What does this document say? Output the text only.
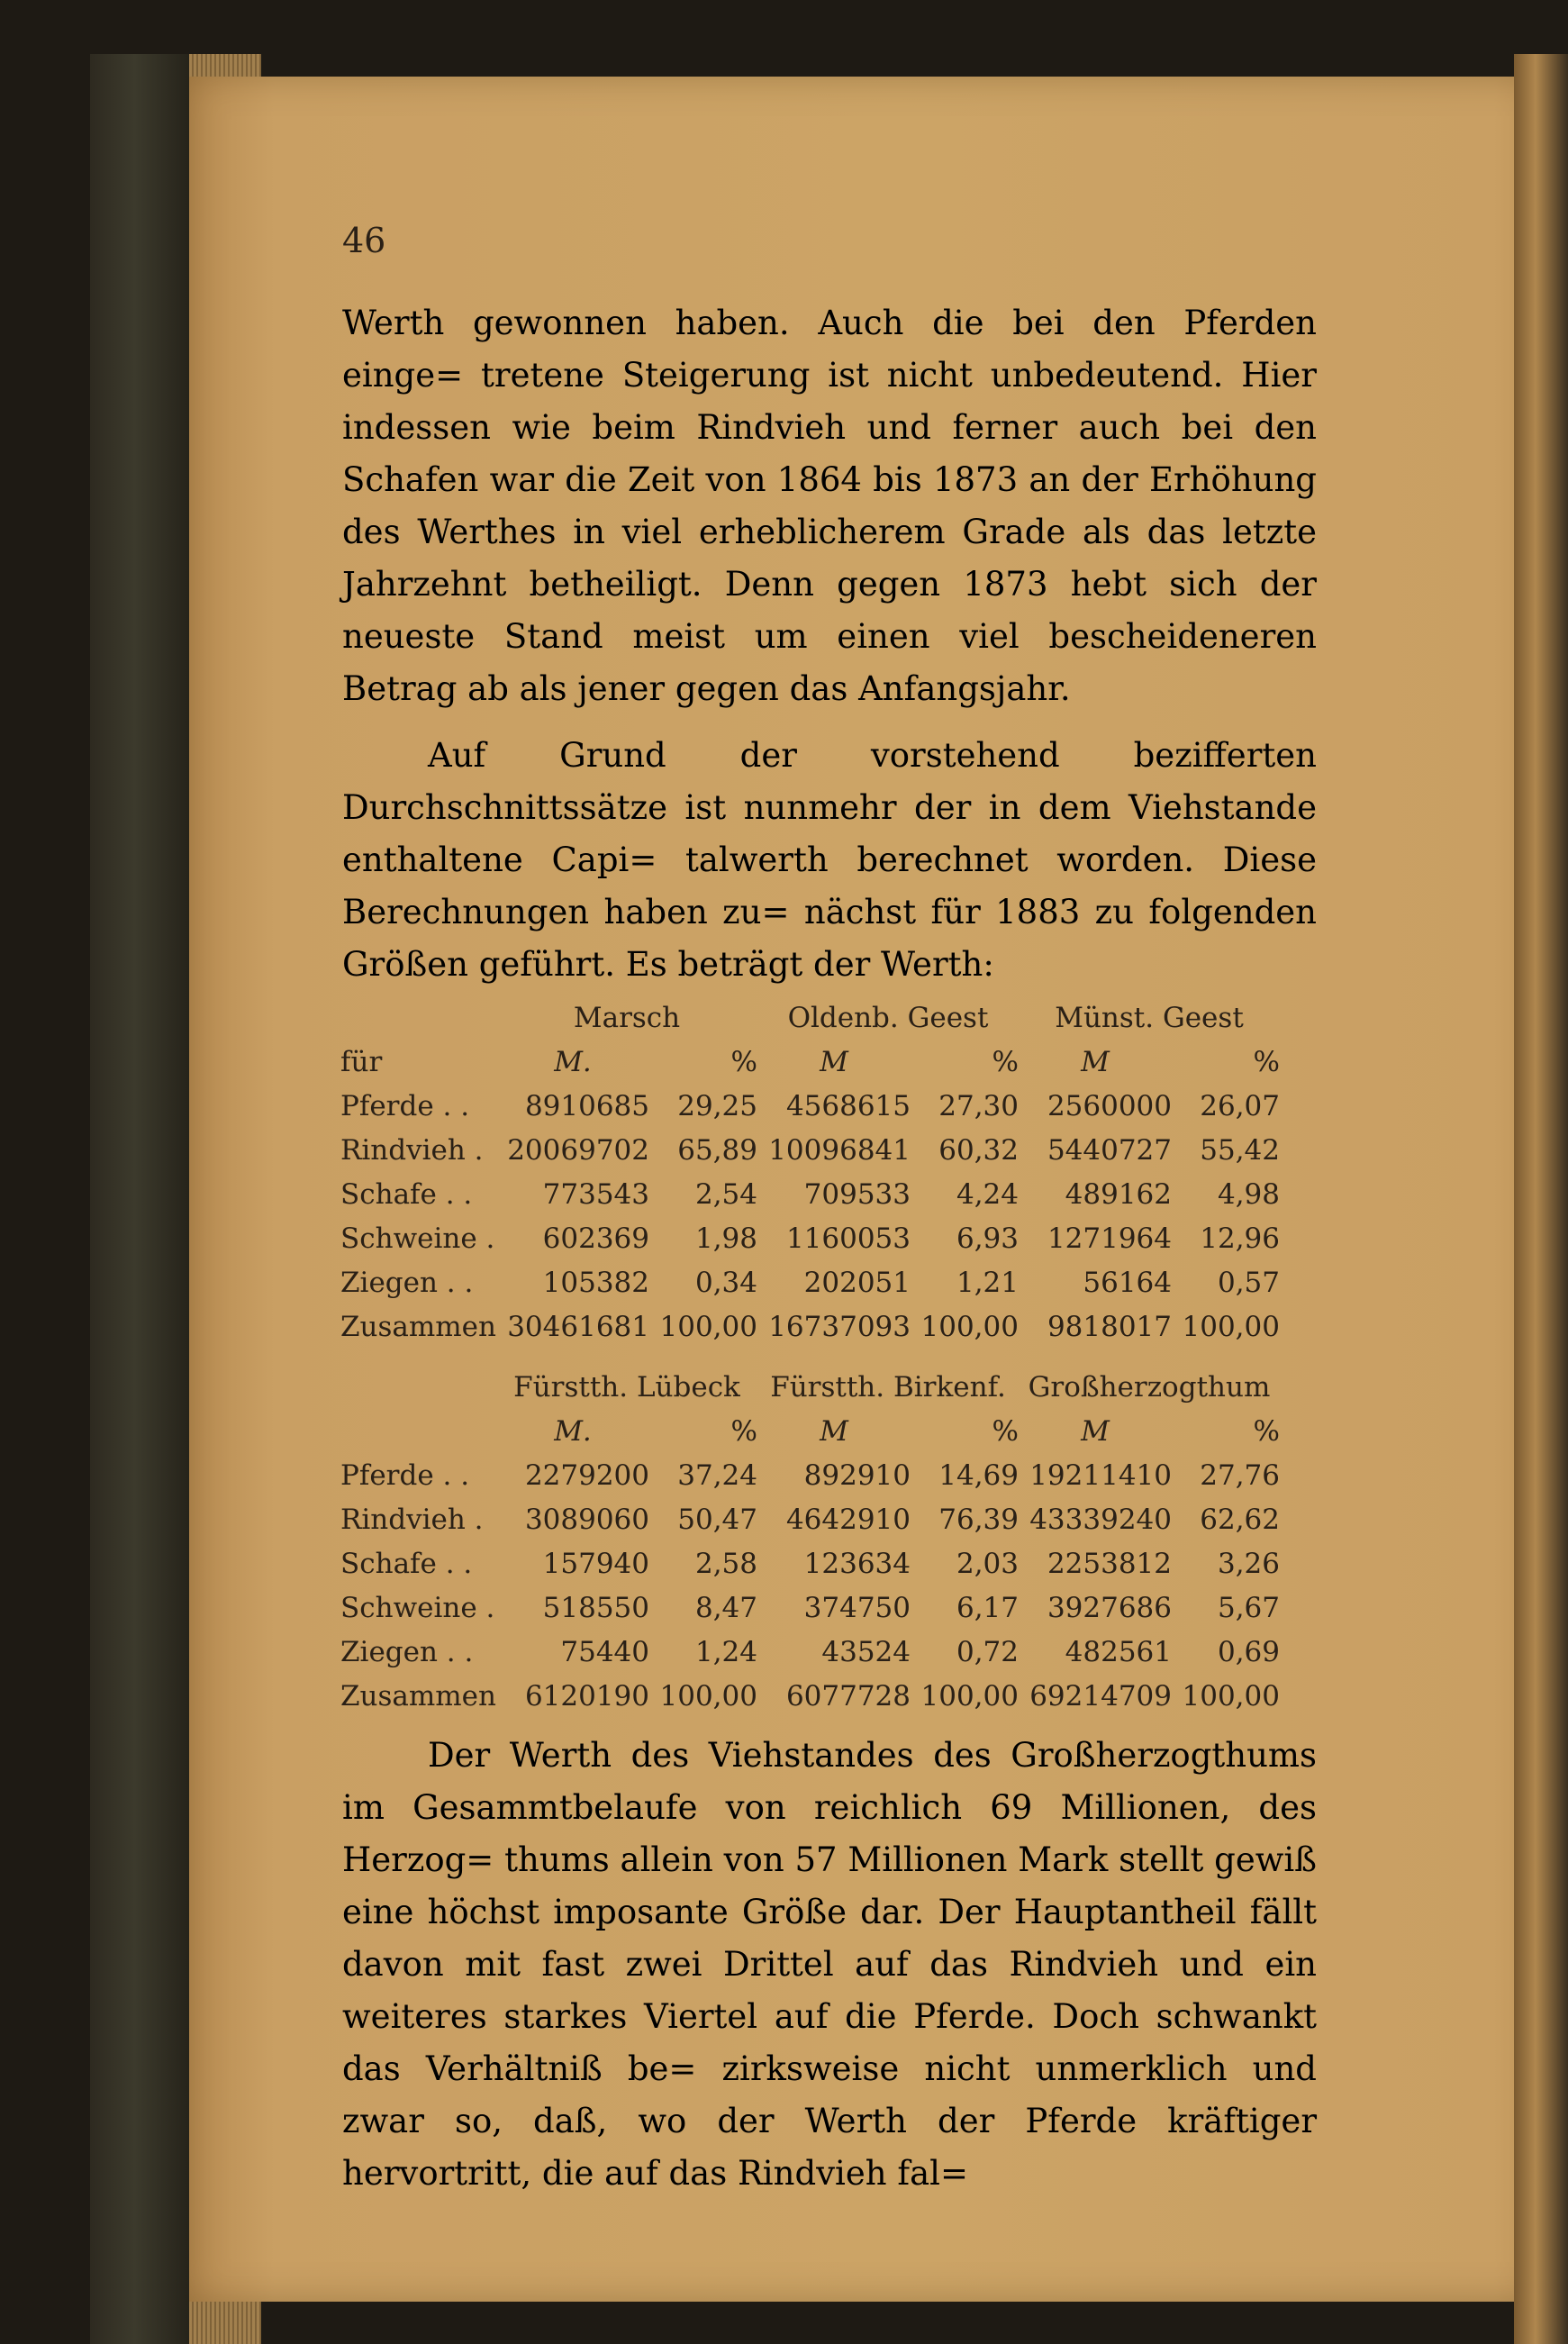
46

Werth gewonnen haben. Auch die bei den Pferden einge= tretene Steigerung ist nicht unbedeutend. Hier indessen wie beim Rindvieh und ferner auch bei den Schafen war die Zeit von 1864 bis 1873 an der Erhöhung des Werthes in viel erheblicherem Grade als das letzte Jahrzehnt betheiligt. Denn gegen 1873 hebt sich der neueste Stand meist um einen viel bescheideneren Betrag ab als jener gegen das Anfangsjahr.

Auf Grund der vorstehend bezifferten Durchschnittssätze ist nunmehr der in dem Viehstande enthaltene Capi= talwerth berechnet worden. Diese Berechnungen haben zu= nächst für 1883 zu folgenden Größen geführt. Es beträgt der Werth:

	Marsch		Oldenb. Geest		Münst. Geest	
für	M.	%	M	%	M	%
Pferde . .	8910685	29,25	4568615	27,30	2560000	26,07
Rindvieh .	20069702	65,89	10096841	60,32	5440727	55,42
Schafe . .	773543	2,54	709533	4,24	489162	4,98
Schweine .	602369	1,98	1160053	6,93	1271964	12,96
Ziegen . .	105382	0,34	202051	1,21	56164	0,57
Zusammen	30461681	100,00	16737093	100,00	9818017	100,00
	Fürstth. Lübeck		Fürstth. Birkenf.		Großherzogthum	
	M.	%	M	%	M	%
Pferde . .	2279200	37,24	892910	14,69	19211410	27,76
Rindvieh .	3089060	50,47	4642910	76,39	43339240	62,62
Schafe . .	157940	2,58	123634	2,03	2253812	3,26
Schweine .	518550	8,47	374750	6,17	3927686	5,67
Ziegen . .	75440	1,24	43524	0,72	482561	0,69
Zusammen	6120190	100,00	6077728	100,00	69214709	100,00

Der Werth des Viehstandes des Großherzogthums im Gesammtbelaufe von reichlich 69 Millionen, des Herzog= thums allein von 57 Millionen Mark stellt gewiß eine höchst imposante Größe dar. Der Hauptantheil fällt davon mit fast zwei Drittel auf das Rindvieh und ein weiteres starkes Viertel auf die Pferde. Doch schwankt das Verhältniß be= zirksweise nicht unmerklich und zwar so, daß, wo der Werth der Pferde kräftiger hervortritt, die auf das Rindvieh fal=
